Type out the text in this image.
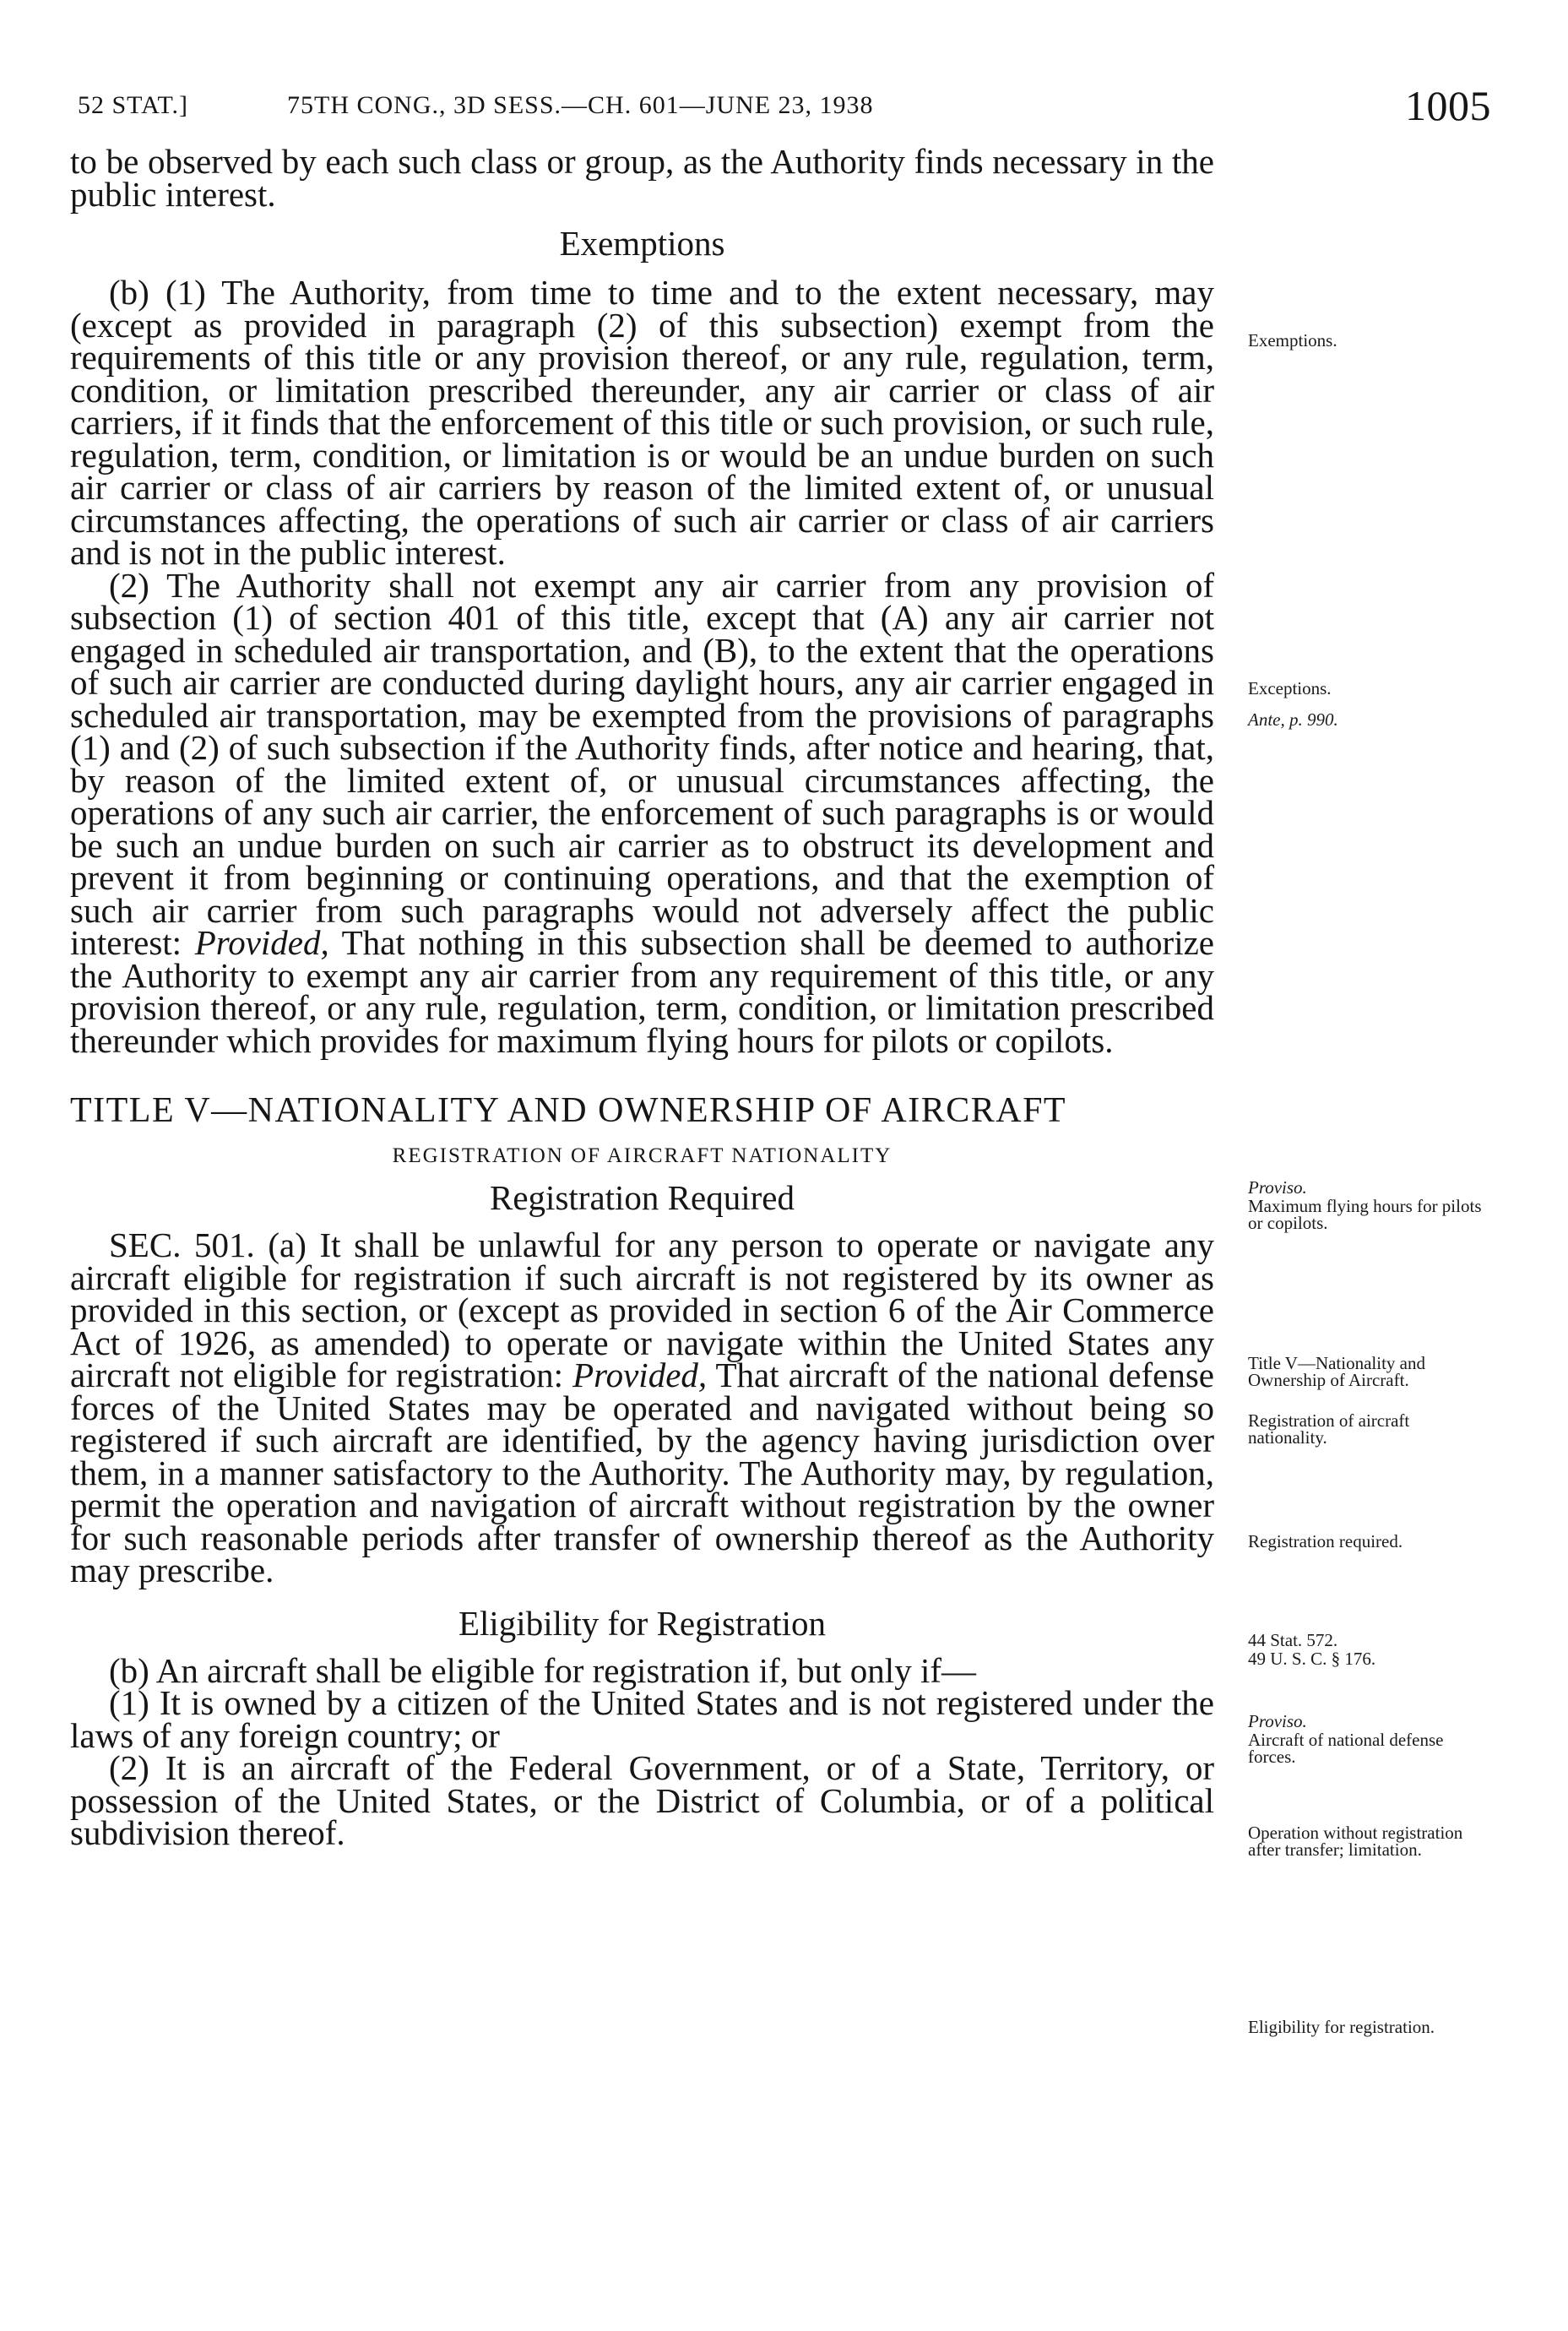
52 STAT.]	75TH CONG., 3D SESS.—CH. 601—JUNE 23, 1938	1005

to be observed by each such class or group, as the Authority finds necessary in the public interest.

Exemptions

(b) (1) The Authority, from time to time and to the extent necessary, may (except as provided in paragraph (2) of this subsection) exempt from the requirements of this title or any provision thereof, or any rule, regulation, term, condition, or limitation prescribed thereunder, any air carrier or class of air carriers, if it finds that the enforcement of this title or such provision, or such rule, regulation, term, condition, or limitation is or would be an undue burden on such air carrier or class of air carriers by reason of the limited extent of, or unusual circumstances affecting, the operations of such air carrier or class of air carriers and is not in the public interest.

(2) The Authority shall not exempt any air carrier from any provision of subsection (1) of section 401 of this title, except that (A) any air carrier not engaged in scheduled air transportation, and (B), to the extent that the operations of such air carrier are conducted during daylight hours, any air carrier engaged in scheduled air transportation, may be exempted from the provisions of paragraphs (1) and (2) of such subsection if the Authority finds, after notice and hearing, that, by reason of the limited extent of, or unusual circumstances affecting, the operations of any such air carrier, the enforcement of such paragraphs is or would be such an undue burden on such air carrier as to obstruct its development and prevent it from beginning or continuing operations, and that the exemption of such air carrier from such paragraphs would not adversely affect the public interest: Provided, That nothing in this subsection shall be deemed to authorize the Authority to exempt any air carrier from any requirement of this title, or any provision thereof, or any rule, regulation, term, condition, or limitation prescribed thereunder which provides for maximum flying hours for pilots or copilots.

TITLE V—NATIONALITY AND OWNERSHIP OF AIRCRAFT

REGISTRATION OF AIRCRAFT NATIONALITY

Registration Required

SEC. 501. (a) It shall be unlawful for any person to operate or navigate any aircraft eligible for registration if such aircraft is not registered by its owner as provided in this section, or (except as provided in section 6 of the Air Commerce Act of 1926, as amended) to operate or navigate within the United States any aircraft not eligible for registration: Provided, That aircraft of the national defense forces of the United States may be operated and navigated without being so registered if such aircraft are identified, by the agency having jurisdiction over them, in a manner satisfactory to the Authority. The Authority may, by regulation, permit the operation and navigation of aircraft without registration by the owner for such reasonable periods after transfer of ownership thereof as the Authority may prescribe.

Eligibility for Registration

(b) An aircraft shall be eligible for registration if, but only if—

(1) It is owned by a citizen of the United States and is not registered under the laws of any foreign country; or

(2) It is an aircraft of the Federal Government, or of a State, Territory, or possession of the United States, or the District of Columbia, or of a political subdivision thereof.

Exemptions.
Exceptions.
Ante, p. 990.
Proviso.
Maximum flying hours for pilots or copilots.
Title V—Nationality and Ownership of Aircraft.
Registration of aircraft nationality.
Registration required.
44 Stat. 572.
49 U. S. C. § 176.
Proviso.
Aircraft of national defense forces.
Operation without registration after transfer; limitation.
Eligibility for registration.
